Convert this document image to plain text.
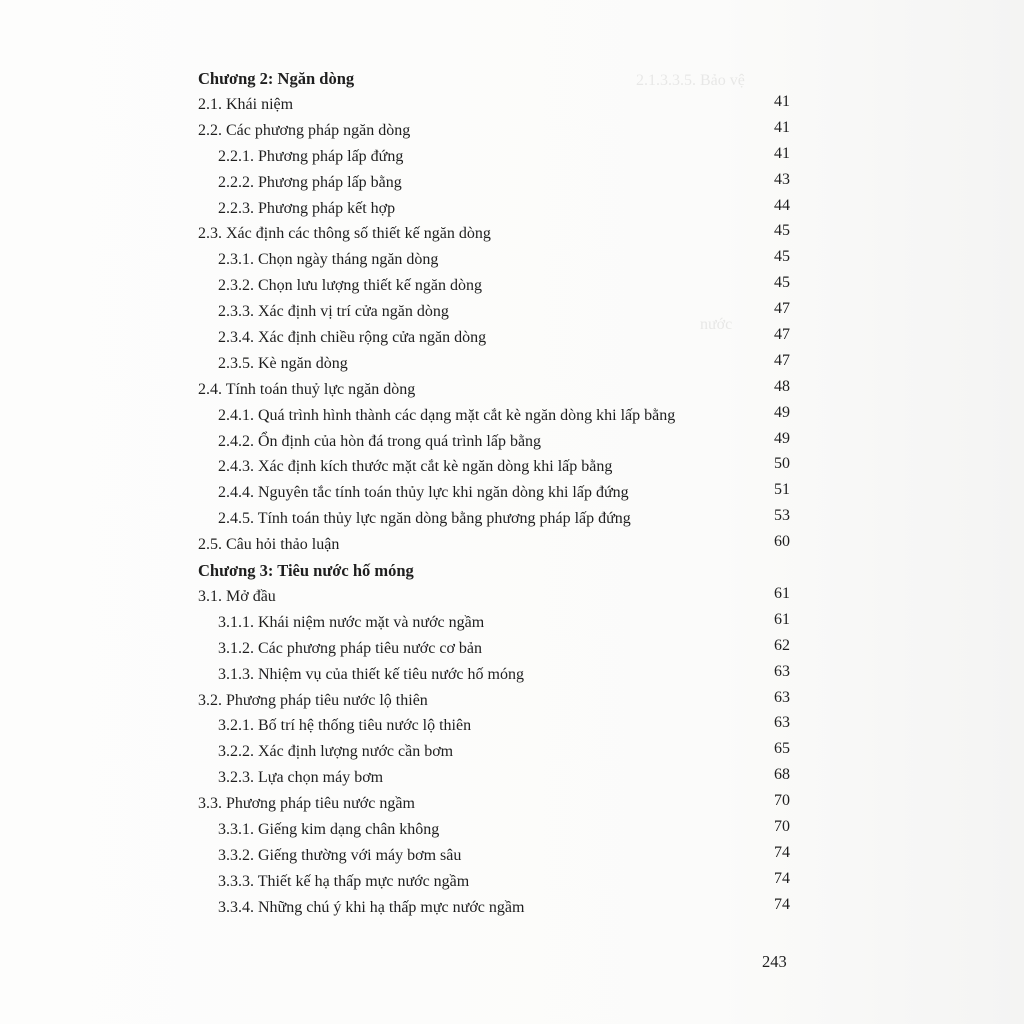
2.1.3.3.5. Bảo vệ
nước
Chương 2: Ngăn dòng
2.1. Khái niệm	41
2.2. Các phương pháp ngăn dòng	41
2.2.1. Phương pháp lấp đứng	41
2.2.2. Phương pháp lấp bằng	43
2.2.3. Phương pháp kết hợp	44
2.3. Xác định các thông số thiết kế ngăn dòng	45
2.3.1. Chọn ngày tháng ngăn dòng	45
2.3.2. Chọn lưu lượng thiết kế ngăn dòng	45
2.3.3. Xác định vị trí cửa ngăn dòng	47
2.3.4. Xác định chiều rộng cửa ngăn dòng	47
2.3.5. Kè ngăn dòng	47
2.4. Tính toán thuỷ lực ngăn dòng	48
2.4.1. Quá trình hình thành các dạng mặt cắt kè ngăn dòng khi lấp bằng	49
2.4.2. Ổn định của hòn đá trong quá trình lấp bằng	49
2.4.3. Xác định kích thước mặt cắt kè ngăn dòng khi lấp bằng	50
2.4.4. Nguyên tắc tính toán thủy lực khi ngăn dòng khi lấp đứng	51
2.4.5. Tính toán thủy lực ngăn dòng bằng phương pháp lấp đứng	53
2.5. Câu hỏi thảo luận	60
Chương 3: Tiêu nước hố móng
3.1. Mở đầu	61
3.1.1. Khái niệm nước mặt và nước ngầm	61
3.1.2. Các phương pháp tiêu nước cơ bản	62
3.1.3. Nhiệm vụ của thiết kế tiêu nước hố móng	63
3.2. Phương pháp tiêu nước lộ thiên	63
3.2.1. Bố trí hệ thống tiêu nước lộ thiên	63
3.2.2. Xác định lượng nước cần bơm	65
3.2.3. Lựa chọn máy bơm	68
3.3. Phương pháp tiêu nước ngầm	70
3.3.1. Giếng kim dạng chân không	70
3.3.2. Giếng thường với máy bơm sâu	74
3.3.3. Thiết kế hạ thấp mực nước ngầm	74
3.3.4. Những chú ý khi hạ thấp mực nước ngầm	74
243
